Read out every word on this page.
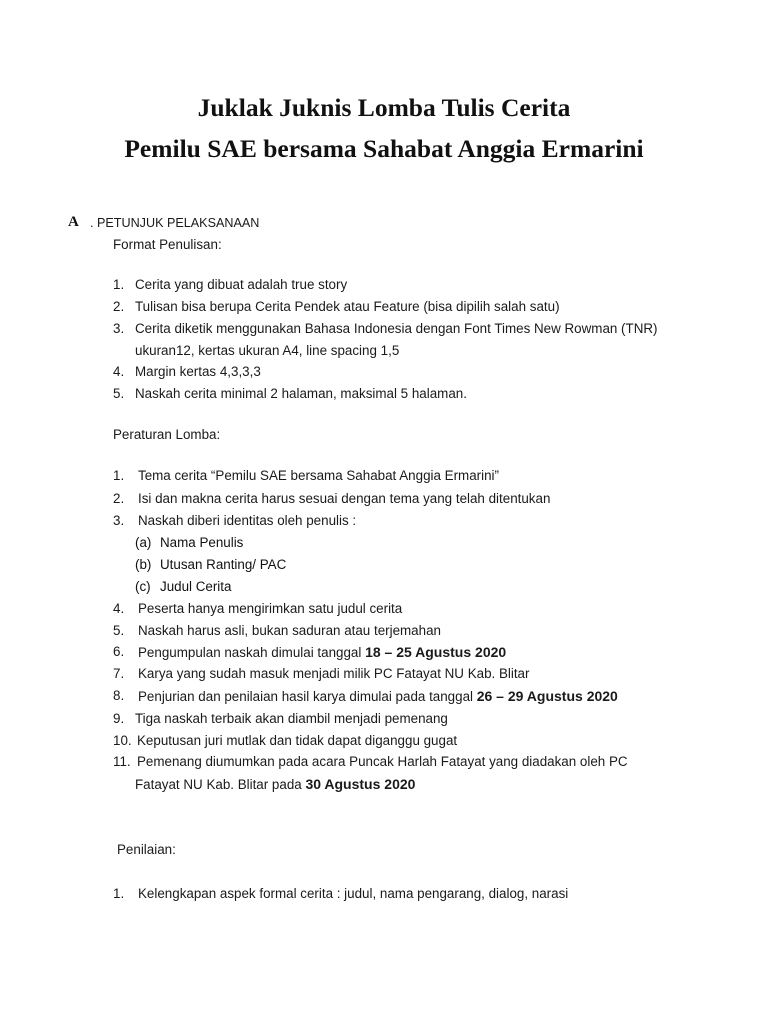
Juklak Juknis Lomba Tulis Cerita
Pemilu SAE bersama Sahabat Anggia Ermarini
A . PETUNJUK PELAKSANAAN
Format Penulisan:
1. Cerita yang dibuat adalah true story
2. Tulisan bisa berupa Cerita Pendek atau Feature (bisa dipilih salah satu)
3. Cerita diketik menggunakan Bahasa Indonesia dengan Font Times New Rowman (TNR)
ukuran12, kertas ukuran A4, line spacing 1,5
4. Margin kertas 4,3,3,3
5. Naskah cerita minimal 2 halaman, maksimal 5 halaman.
Peraturan Lomba:
1. Tema cerita “Pemilu SAE bersama Sahabat Anggia Ermarini”
2. Isi dan makna cerita harus sesuai dengan tema yang telah ditentukan
3. Naskah diberi identitas oleh penulis :
(a) Nama Penulis
(b) Utusan Ranting/ PAC
(c) Judul Cerita
4. Peserta hanya mengirimkan satu judul cerita
5. Naskah harus asli, bukan saduran atau terjemahan
6. Pengumpulan naskah dimulai tanggal 18 – 25 Agustus 2020
7. Karya yang sudah masuk menjadi milik PC Fatayat NU Kab. Blitar
8. Penjurian dan penilaian hasil karya dimulai pada tanggal 26 – 29 Agustus 2020
9. Tiga naskah terbaik akan diambil menjadi pemenang
10. Keputusan juri mutlak dan tidak dapat diganggu gugat
11. Pemenang diumumkan pada acara Puncak Harlah Fatayat yang diadakan oleh PC
Fatayat NU Kab. Blitar pada 30 Agustus 2020
Penilaian:
1. Kelengkapan aspek formal cerita : judul, nama pengarang, dialog, narasi
